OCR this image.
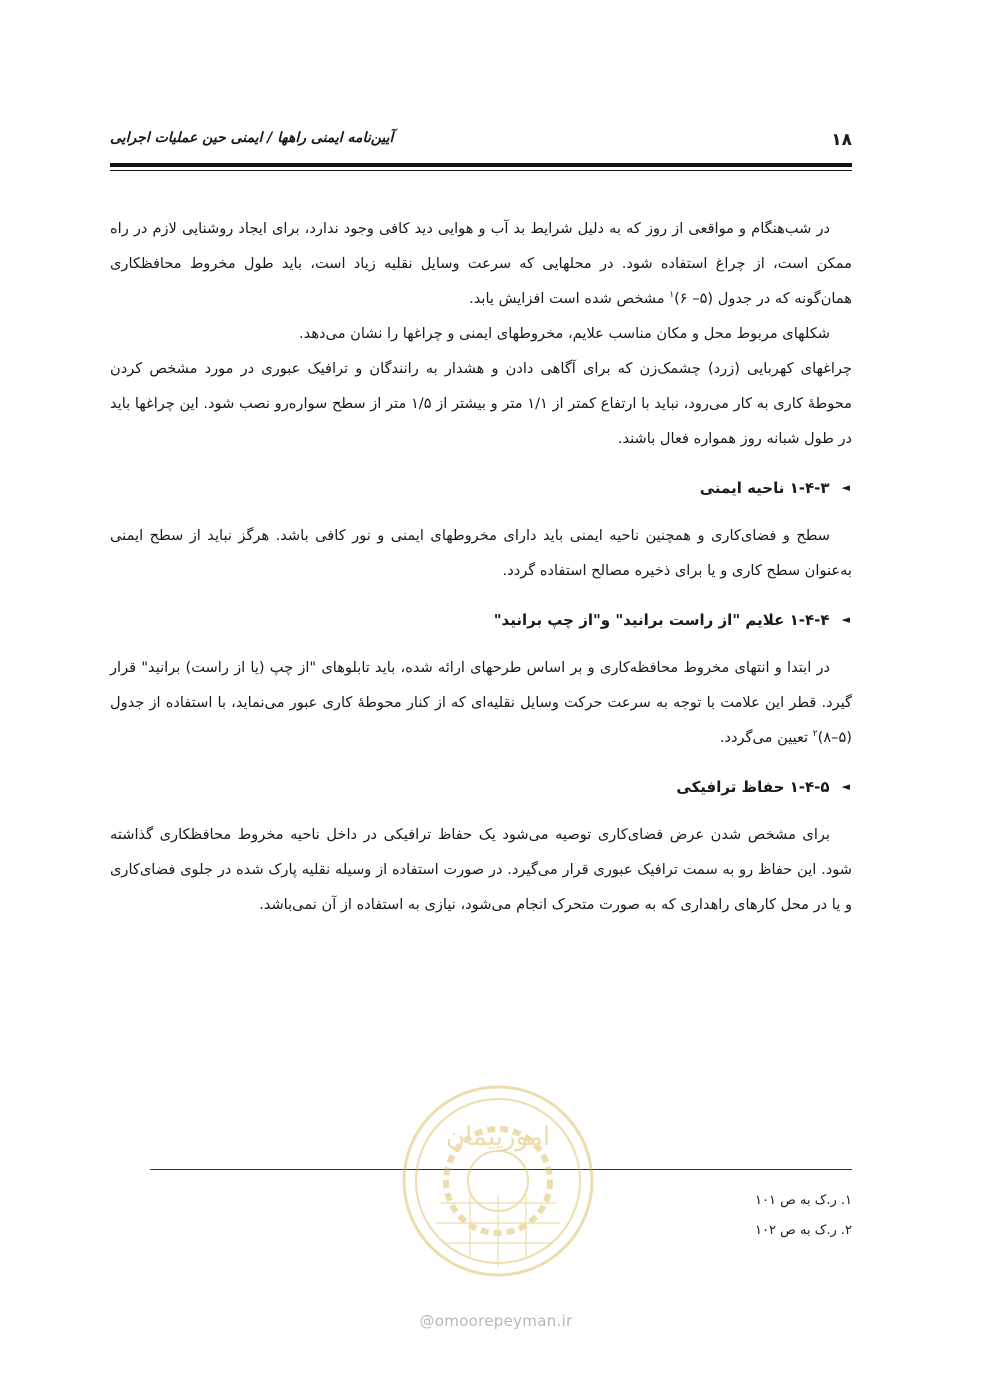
۱۸
آیین‌نامه ایمنی راهها / ایمنی حین عملیات اجرایی

در شب‌هنگام و مواقعی از روز که به دلیل شرایط بد آب و هوایی دید کافی وجود ندارد، برای ایجاد روشنایی لازم در راه ممکن است، از چراغ استفاده شود. در محلهایی که سرعت وسایل نقلیه زیاد است، باید طول مخروط محافظکاری همان‌گونه که در جدول (۵– ۶)$^۱$ مشخص شده است افزایش یابد.

شکلهای مربوط محل و مکان مناسب علایم، مخروطهای ایمنی و چراغها را نشان می‌دهد.

چراغهای کهربایی (زرد) چشمک‌زن که برای آگاهی دادن و هشدار به رانندگان و ترافیک عبوری در مورد مشخص کردن محوطهٔ کاری به کار می‌رود، نباید با ارتفاع کمتر از ۱/۱ متر و بیشتر از ۱/۵ متر از سطح سواره‌رو نصب شود. این چراغها باید در طول شبانه روز همواره فعال باشند.

◄
۱-۴-۳ ناحیه ایمنی

سطح و فضای‌کاری و همچنین ناحیه ایمنی باید دارای مخروطهای ایمنی و نور کافی باشد. هرگز نباید از سطح ایمنی به‌عنوان سطح کاری و یا برای ذخیره مصالح استفاده گردد.

◄
۱-۴-۴ علایم "از راست برانید" و"از چپ برانید"

در ابتدا و انتهای مخروط محافظه‌کاری و بر اساس طرحهای ارائه شده، باید تابلوهای "از چپ (یا از راست) برانید" قرار گیرد. قطر این علامت با توجه به سرعت حرکت وسایل نقلیه‌ای که از کنار محوطهٔ کاری عبور می‌نماید، با استفاده از جدول (۵–۸)$^۲$ تعیین می‌گردد.

◄
۱-۴-۵ حفاظ ترافیکی

برای مشخص شدن عرض فضای‌کاری توصیه می‌شود یک حفاظ ترافیکی در داخل ناحیه مخروط محافظکاری گذاشته شود. این حفاظ رو به سمت ترافیک عبوری قرار می‌گیرد. در صورت استفاده از وسیله نقلیه پارک شده در جلوی فضای‌کاری و یا در محل کارهای راهداری که به صورت متحرک انجام می‌شود، نیازی به استفاده از آن نمی‌باشد.

۱. ر.ک به ص ۱۰۱
۲. ر.ک به ص ۱۰۲
امورپیمان
@omoorepeyman.ir
